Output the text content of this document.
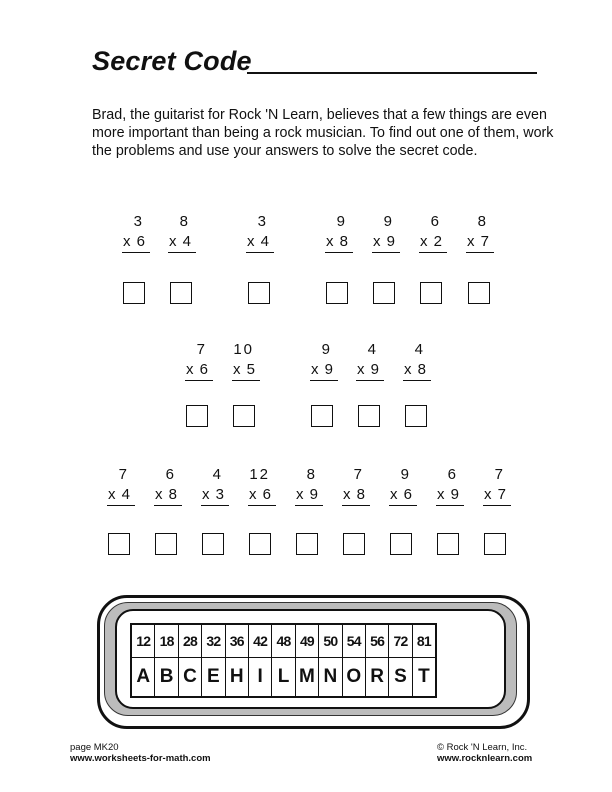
Secret Code
Brad, the guitarist for Rock 'N Learn, believes that a few things are even more important than being a rock musician. To find out one of them, work the problems and use your answers to solve the secret code.
3
x 6
8
x 4
3
x 4
9
x 8
9
x 9
6
x 2
8
x 7
7
x 6
10
x 5
9
x 9
4
x 9
4
x 8
7
x 4
6
x 8
4
x 3
12
x 6
8
x 9
7
x 8
9
x 6
6
x 9
7
x 7
12	18	28	32	36	42	48	49	50	54	56	72	81
A	B	C	E	H	I	L	M	N	O	R	S	T
page MK20
www.worksheets-for-math.com
© Rock 'N Learn, Inc.
www.rocknlearn.com
